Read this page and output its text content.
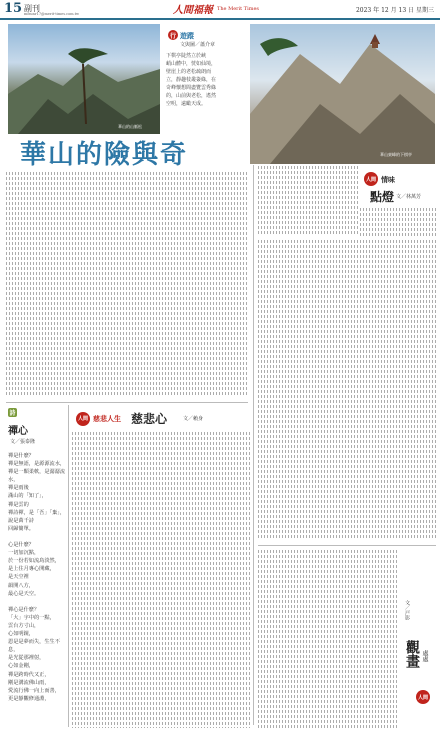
15 副刊
mfsunr17@merit-times.com.tw	人間福報 The Merit Times	2023 年 12 月 13 日 星期三
華山的山脈松
華山東峰的下棋亭
行 遊蹤
文與圖／蕭介章
下棋亭陡然立於峽
峭山體中，恍如仙境，
壁崖上的老松疏朗而
立，靜趣枝叢簽綠，在
奇峰懷想間盡覽雲秀綠
的，山前與老松，遙然
空明，遠瞰天成。
華山的險與奇
人間 情味
點燈 文／林萬芳
詩
禪心
文／張泰隆
禪是什麼？
禪是無語，是源源流水，
禪是一顆柔軟，是潺潺流水，
禪是雨後
滿山的「知了」，
禪是雲的
禪詩禪，是「吾」「棄」，
說是萬千詩
回歸簡單。

心是什麼？
一切加沉點，
於一份若如流鳥淡然，
是上住月專心開藏，
是天空裡
韻開八方，
最心是天空。

禪心是什麼？
「大」字中的一點，
雲台方寸山，
心如明鏡，
恩是是夢而失，生生不息，
是光從那裡射，
心如金剛，
禪是跨時代又正，
剛是溝流佛山雨，
愛流行佛一向上而善，
更是靜觀修通淵，
人間 慈悲人生 慈悲心	文／賴身
人間
處處
觀畫
文／戸影
